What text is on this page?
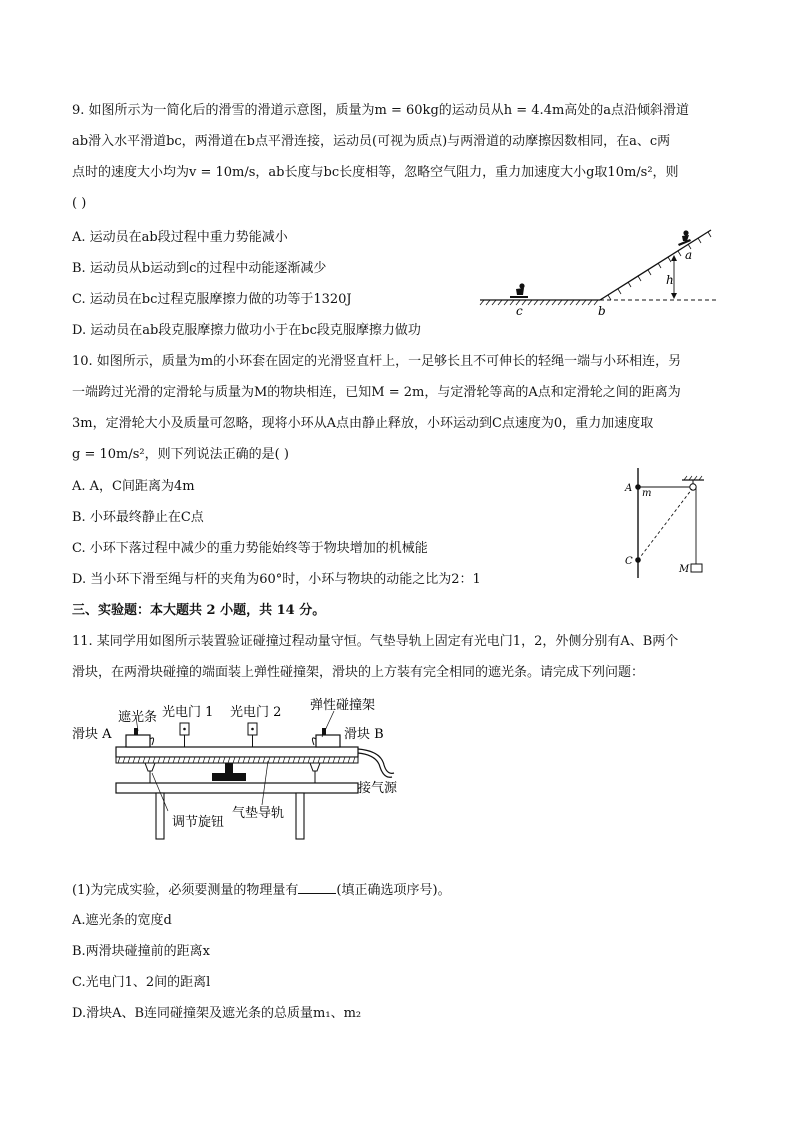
9. 如图所示为一简化后的滑雪的滑道示意图，质量为m = 60kg的运动员从h = 4.4m高处的a点沿倾斜滑道
ab滑入水平滑道bc，两滑道在b点平滑连接，运动员(可视为质点)与两滑道的动摩擦因数相同，在a、c两
点时的速度大小均为v = 10m/s，ab长度与bc长度相等，忽略空气阻力，重力加速度大小g取10m/s²，则
( )
A. 运动员在ab段过程中重力势能减小
B. 运动员从b运动到c的过程中动能逐渐减少
C. 运动员在bc过程克服摩擦力做的功等于1320J
D. 运动员在ab段克服摩擦力做功小于在bc段克服摩擦力做功
a
h
b
c
10. 如图所示，质量为m的小环套在固定的光滑竖直杆上，一足够长且不可伸长的轻绳一端与小环相连，另
一端跨过光滑的定滑轮与质量为M的物块相连，已知M = 2m，与定滑轮等高的A点和定滑轮之间的距离为
3m，定滑轮大小及质量可忽略，现将小环从A点由静止释放，小环运动到C点速度为0，重力加速度取
g = 10m/s²，则下列说法正确的是( )
A. A，C间距离为4m
B. 小环最终静止在C点
C. 小环下落过程中减少的重力势能始终等于物块增加的机械能
D. 当小环下滑至绳与杆的夹角为60°时，小环与物块的动能之比为2：1
A m
C
M
三、实验题：本大题共 2 小题，共 14 分。
11. 某同学用如图所示装置验证碰撞过程动量守恒。气垫导轨上固定有光电门1，2，外侧分别有A、B两个
滑块，在两滑块碰撞的端面装上弹性碰撞架，滑块的上方装有完全相同的遮光条。请完成下列问题：
遮光条 光电门 1 光电门 2 弹性碰撞架
滑块 A	滑块 B
接气源
调节旋钮
气垫导轨
(1)为完成实验，必须要测量的物理量有	(填正确选项序号)。
A.遮光条的宽度d
B.两滑块碰撞前的距离x
C.光电门1、2间的距离l
D.滑块A、B连同碰撞架及遮光条的总质量m₁、m₂
